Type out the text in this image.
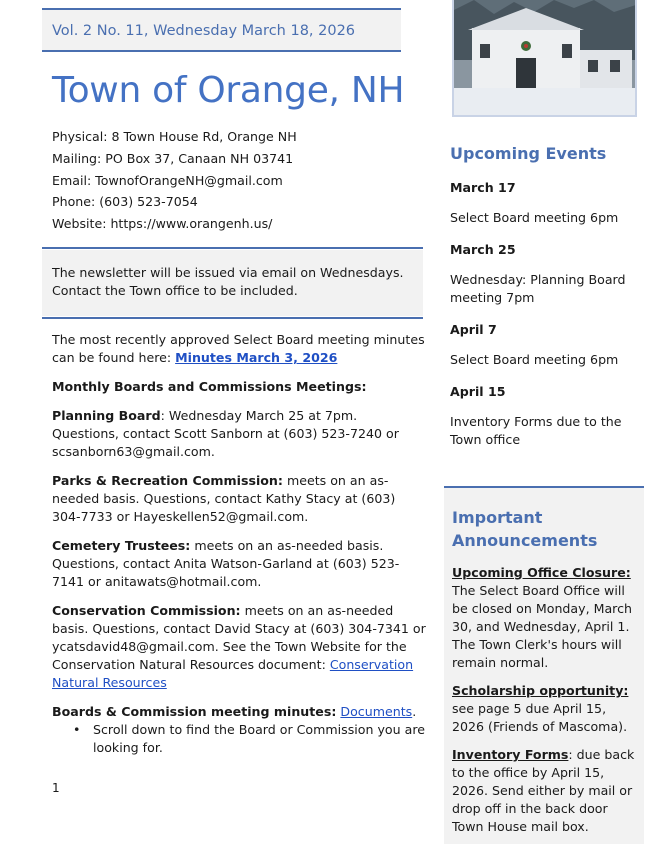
Vol. 2 No. 11, Wednesday March 18, 2026
Town of Orange, NH
Physical: 8 Town House Rd, Orange NH
Mailing: PO Box 37, Canaan NH 03741
Email: TownofOrangeNH@gmail.com
Phone: (603) 523-7054
Website: https://www.orangenh.us/
The newsletter will be issued via email on Wednesdays.
Contact the Town office to be included.

The most recently approved Select Board meeting minutes can be found here: Minutes March 3, 2026

Monthly Boards and Commissions Meetings:

Planning Board: Wednesday March 25 at 7pm. Questions, contact Scott Sanborn at (603) 523-7240 or scsanborn63@gmail.com.

Parks & Recreation Commission: meets on an as-needed basis. Questions, contact Kathy Stacy at (603) 304-7733 or Hayeskellen52@gmail.com.

Cemetery Trustees: meets on an as-needed basis. Questions, contact Anita Watson-Garland at (603) 523-7141 or anitawats@hotmail.com.

Conservation Commission: meets on an as-needed basis. Questions, contact David Stacy at (603) 304-7341 or ycatsdavid48@gmail.com. See the Town Website for the Conservation Natural Resources document: Conservation Natural Resources

Boards & Commission meeting minutes: Documents.

• Scroll down to find the Board or Commission you are looking for.
1
Upcoming Events
March 17
Select Board meeting 6pm
March 25
Wednesday: Planning Board meeting 7pm
April 7
Select Board meeting 6pm
April 15
Inventory Forms due to the Town office
Important
Announcements

Upcoming Office Closure: The Select Board Office will be closed on Monday, March 30, and Wednesday, April 1. The Town Clerk's hours will remain normal.

Scholarship opportunity: see page 5 due April 15, 2026 (Friends of Mascoma).

Inventory Forms: due back to the office by April 15, 2026. Send either by mail or drop off in the back door Town House mail box.
